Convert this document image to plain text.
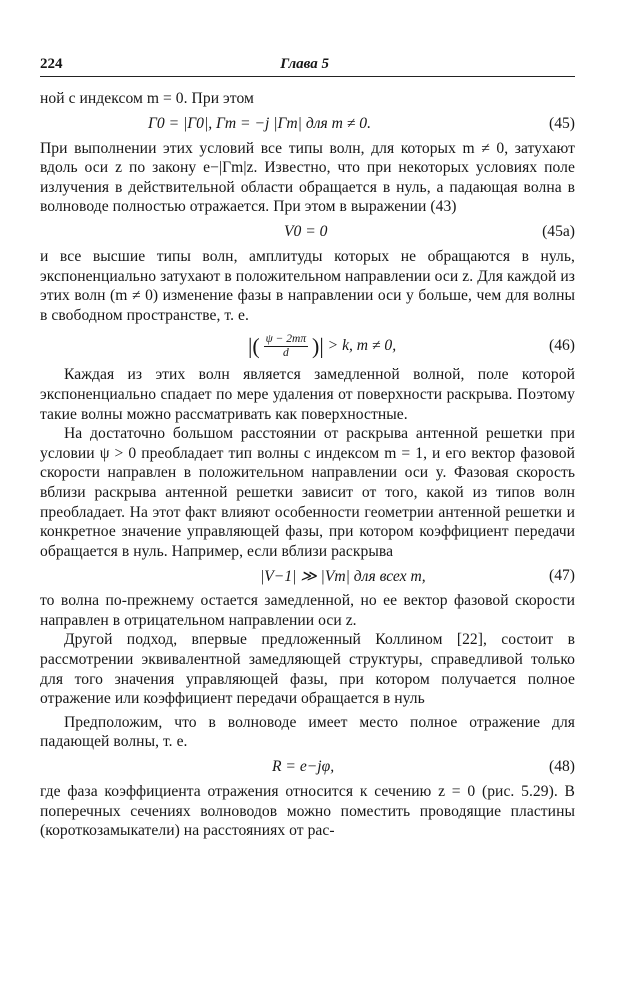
224	Глава 5

ной с индексом m = 0. При этом

Γ0 = |Γ0|, Γm = −j |Γm| для m ≠ 0.	(45)

При выполнении этих условий все типы волн, для которых m ≠ 0, затухают вдоль оси z по закону e−|Γm|z. Известно, что при некоторых условиях поле излучения в действительной области обращается в нуль, а падающая волна в волноводе полностью отражается. При этом в выражении (43)

V0 = 0	(45a)

и все высшие типы волн, амплитуды которых не обращаются в нуль, экспоненциально затухают в положительном направлении оси z. Для каждой из этих волн (m ≠ 0) изменение фазы в направлении оси y больше, чем для волны в свободном пространстве, т. е.

|( $\frac{\psi - 2m\pi}{d}$ )| > k, m ≠ 0,	(46)

Каждая из этих волн является замедленной волной, поле которой экспоненциально спадает по мере удаления от поверхности раскрыва. Поэтому такие волны можно рассматривать как поверхностные.

На достаточно большом расстоянии от раскрыва антенной решетки при условии ψ > 0 преобладает тип волны с индексом m = 1, и его вектор фазовой скорости направлен в положительном направлении оси y. Фазовая скорость вблизи раскрыва антенной решетки зависит от того, какой из типов волн преобладает. На этот факт влияют особенности геометрии антенной решетки и конкретное значение управляющей фазы, при котором коэффициент передачи обращается в нуль. Например, если вблизи раскрыва

|V−1| ≫ |Vm| для всех m,	(47)

то волна по-прежнему остается замедленной, но ее вектор фазовой скорости направлен в отрицательном направлении оси z.

Другой подход, впервые предложенный Коллином [22], состоит в рассмотрении эквивалентной замедляющей структуры, справедливой только для того значения управляющей фазы, при котором получается полное отражение или коэффициент передачи обращается в нуль

Предположим, что в волноводе имеет место полное отражение для падающей волны, т. е.

R = e−jφ,	(48)

где фаза коэффициента отражения относится к сечению z = 0 (рис. 5.29). В поперечных сечениях волноводов можно поместить проводящие пластины (короткозамыкатели) на расстояниях от рас-
